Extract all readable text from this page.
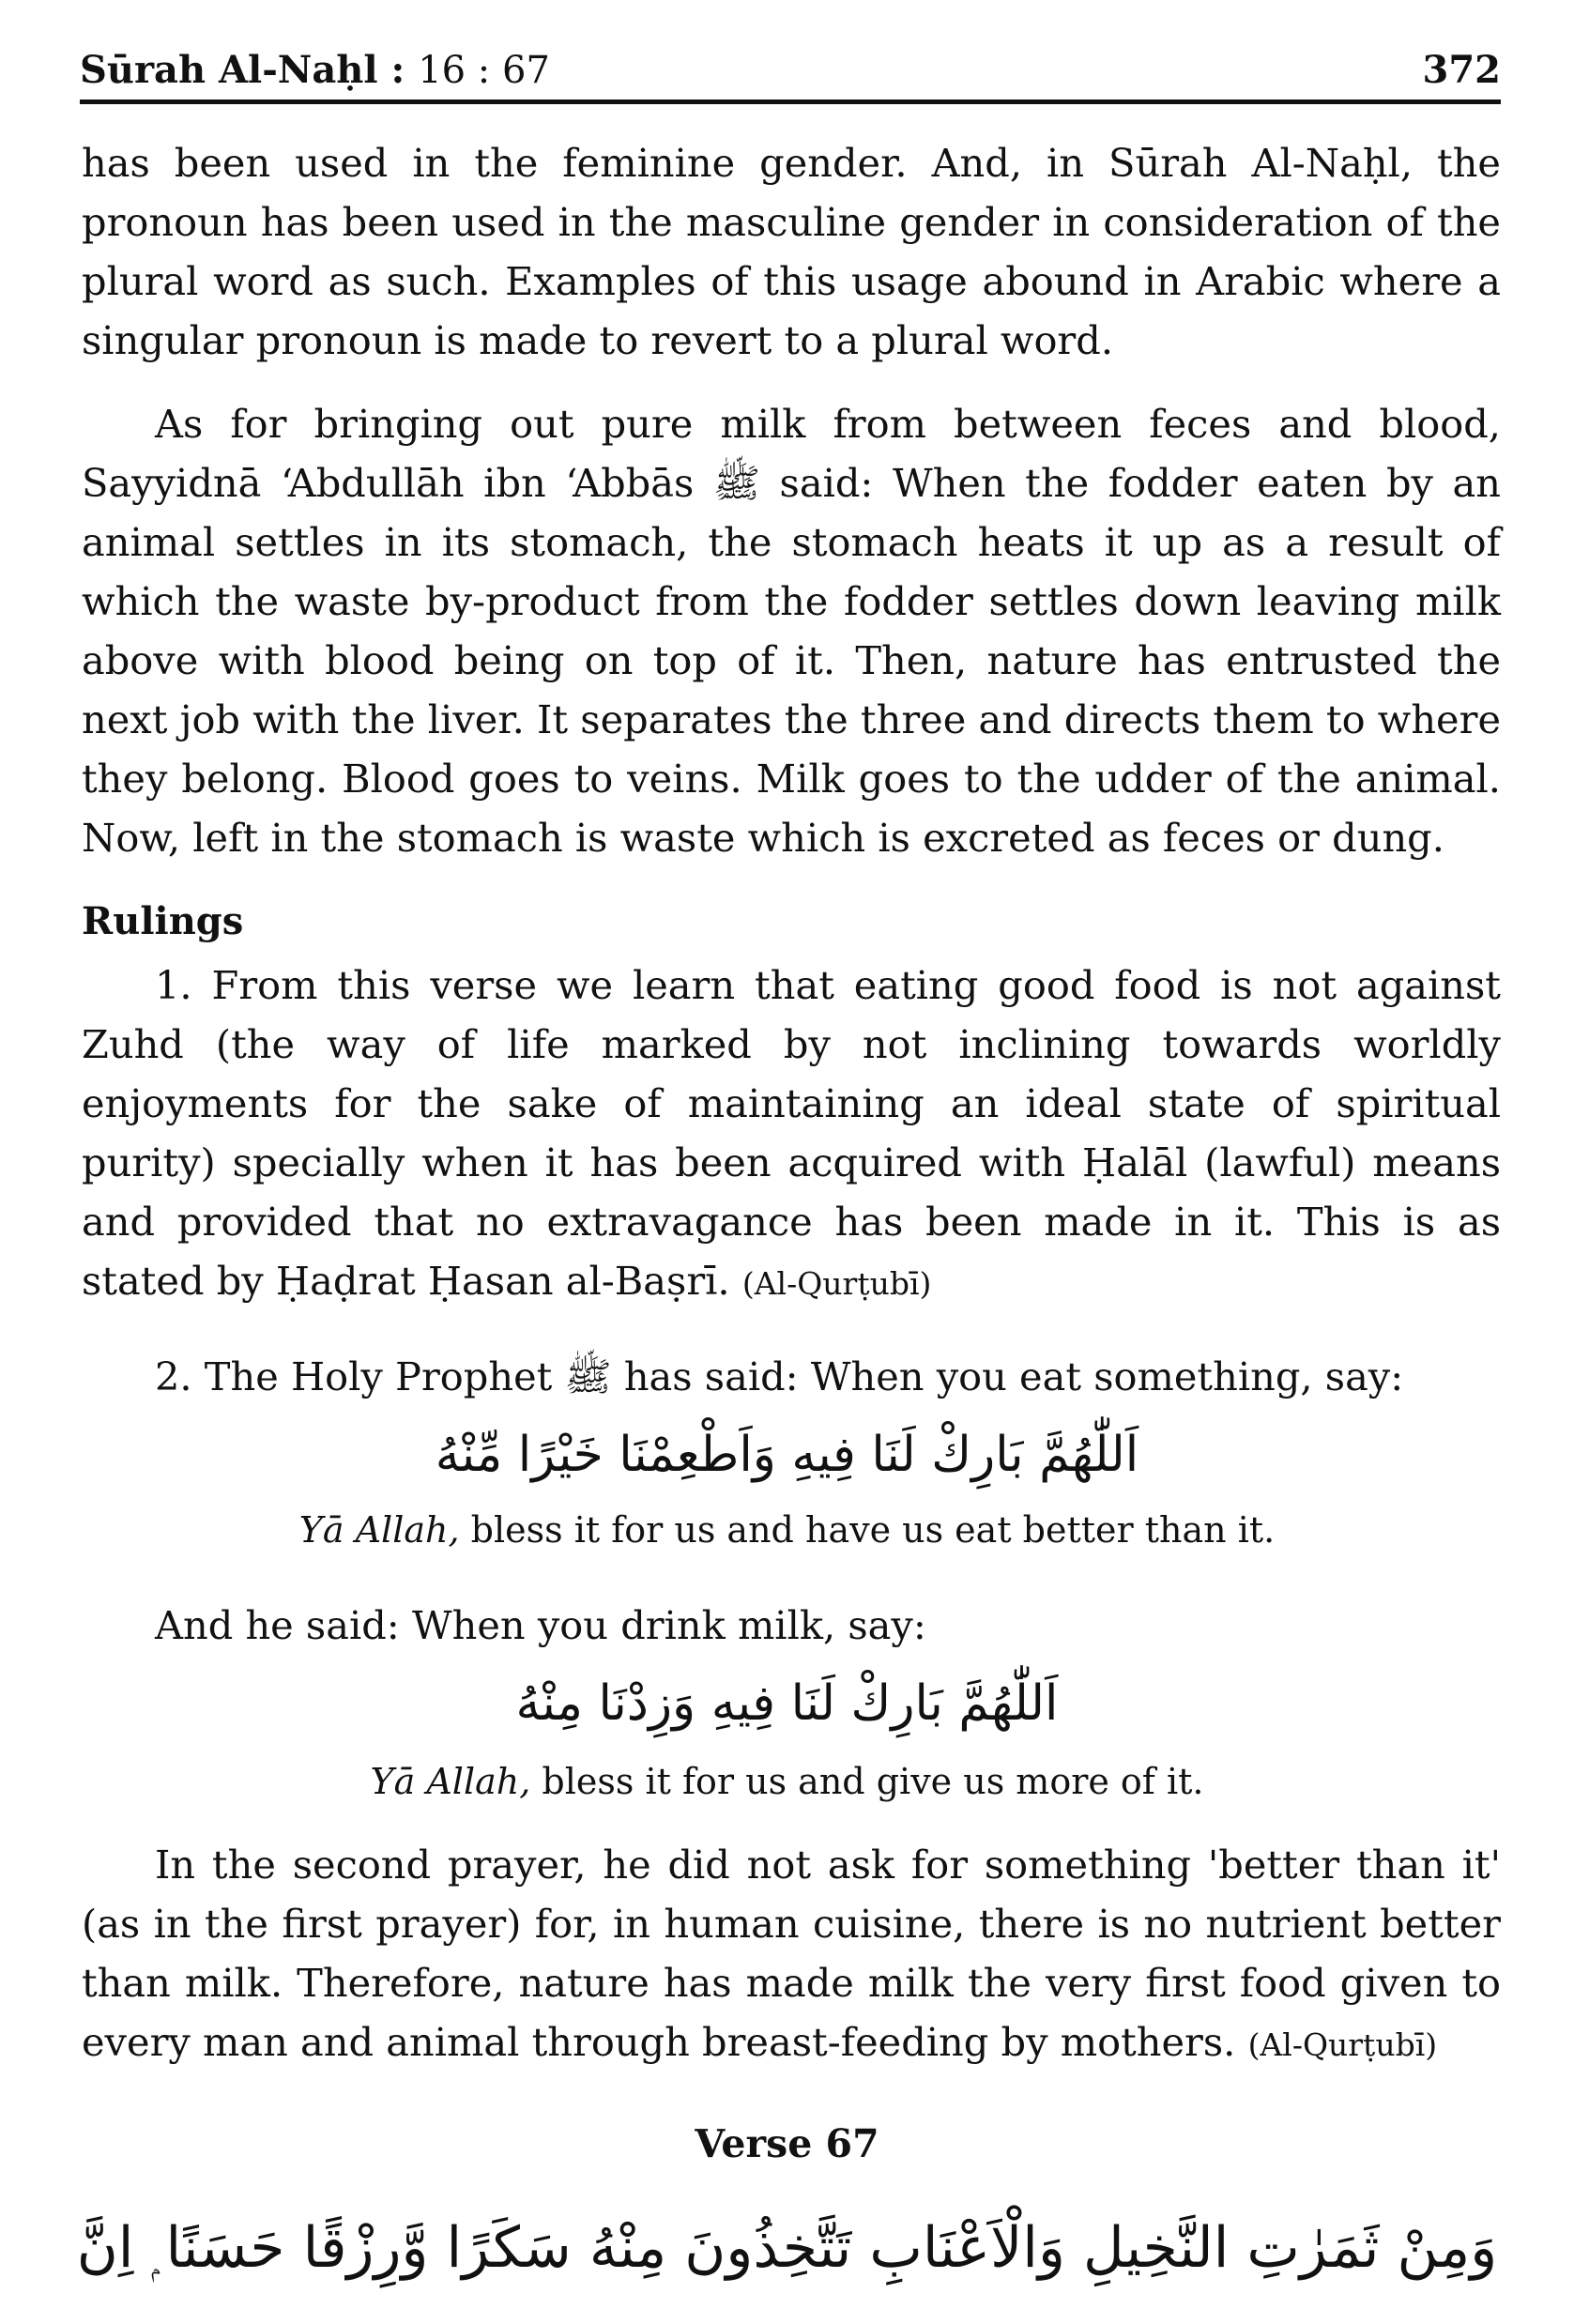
Sūrah Al-Naḥl : 16 : 67	372
has been used in the feminine gender. And, in Sūrah Al-Naḥl, the pronoun has been used in the masculine gender in consideration of the plural word as such. Examples of this usage abound in Arabic where a singular pronoun is made to revert to a plural word.
As for bringing out pure milk from between feces and blood, Sayyidnā ‘Abdullāh ibn ‘Abbās ﷺ said: When the fodder eaten by an animal settles in its stomach, the stomach heats it up as a result of which the waste by-product from the fodder settles down leaving milk above with blood being on top of it. Then, nature has entrusted the next job with the liver. It separates the three and directs them to where they belong. Blood goes to veins. Milk goes to the udder of the animal. Now, left in the stomach is waste which is excreted as feces or dung.
Rulings
1. From this verse we learn that eating good food is not against Zuhd (the way of life marked by not inclining towards worldly enjoyments for the sake of maintaining an ideal state of spiritual purity) specially when it has been acquired with Ḥalāl (lawful) means and provided that no extravagance has been made in it. This is as stated by Ḥaḍrat Ḥasan al-Baṣrī. (Al-Qurṭubī)
2. The Holy Prophet ﷺ has said: When you eat something, say:
اَللّٰهُمَّ بَارِكْ لَنَا فِيهِ وَاَطْعِمْنَا خَيْرًا مِّنْهُ
Yā Allah, bless it for us and have us eat better than it.
And he said: When you drink milk, say:
اَللّٰهُمَّ بَارِكْ لَنَا فِيهِ وَزِدْنَا مِنْهُ
Yā Allah, bless it for us and give us more of it.
In the second prayer, he did not ask for something 'better than it' (as in the first prayer) for, in human cuisine, there is no nutrient better than milk. Therefore, nature has made milk the very first food given to every man and animal through breast-feeding by mothers. (Al-Qurṭubī)
Verse 67
وَمِنْ ثَمَرٰتِ النَّخِيلِ وَالْاَعْنَابِ تَتَّخِذُونَ مِنْهُ سَكَرًا وَّرِزْقًا حَسَنًا ۭ اِنَّ
